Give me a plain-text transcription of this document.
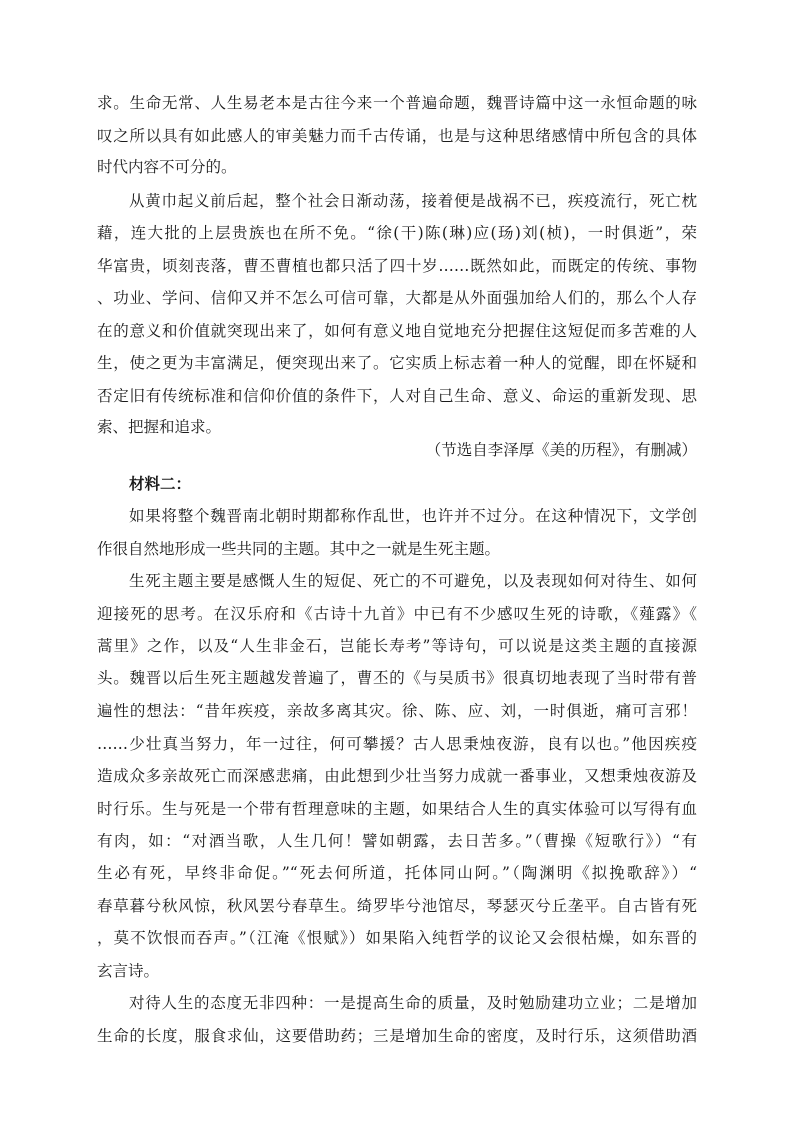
求。生命无常、人生易老本是古往今来一个普遍命题，魏晋诗篇中这一永恒命题的咏
叹之所以具有如此感人的审美魅力而千古传诵，也是与这种思绪感情中所包含的具体
时代内容不可分的。
从黄巾起义前后起，整个社会日渐动荡，接着便是战祸不已，疾疫流行，死亡枕
藉，连大批的上层贵族也在所不免。“徐(干)陈(琳)应(玚)刘(桢)，一时俱逝”，荣
华富贵，顷刻丧落，曹丕曹植也都只活了四十岁……既然如此，而既定的传统、事物
、功业、学问、信仰又并不怎么可信可靠，大都是从外面强加给人们的，那么个人存
在的意义和价值就突现出来了，如何有意义地自觉地充分把握住这短促而多苦难的人
生，使之更为丰富满足，便突现出来了。它实质上标志着一种人的觉醒，即在怀疑和
否定旧有传统标准和信仰价值的条件下，人对自己生命、意义、命运的重新发现、思
索、把握和追求。
（节选自李泽厚《美的历程》，有删减）
材料二：
如果将整个魏晋南北朝时期都称作乱世，也许并不过分。在这种情况下，文学创
作很自然地形成一些共同的主题。其中之一就是生死主题。
生死主题主要是感慨人生的短促、死亡的不可避免，以及表现如何对待生、如何
迎接死的思考。在汉乐府和《古诗十九首》中已有不少感叹生死的诗歌，《薤露》《
蒿里》之作，以及“人生非金石，岂能长寿考”等诗句，可以说是这类主题的直接源
头。魏晋以后生死主题越发普遍了，曹丕的《与吴质书》很真切地表现了当时带有普
遍性的想法：“昔年疾疫，亲故多离其灾。徐、陈、应、刘，一时俱逝，痛可言邪！
……少壮真当努力，年一过往，何可攀援？古人思秉烛夜游，良有以也。”他因疾疫
造成众多亲故死亡而深感悲痛，由此想到少壮当努力成就一番事业，又想秉烛夜游及
时行乐。生与死是一个带有哲理意味的主题，如果结合人生的真实体验可以写得有血
有肉，如：“对酒当歌，人生几何！譬如朝露，去日苦多。”（曹操《短歌行》）“有
生必有死，早终非命促。”“死去何所道，托体同山阿。”（陶渊明《拟挽歌辞》）“
春草暮兮秋风惊，秋风罢兮春草生。绮罗毕兮池馆尽，琴瑟灭兮丘垄平。自古皆有死
，莫不饮恨而吞声。”（江淹《恨赋》）如果陷入纯哲学的议论又会很枯燥，如东晋的
玄言诗。
对待人生的态度无非四种：一是提高生命的质量，及时勉励建功立业；二是增加
生命的长度，服食求仙，这要借助药；三是增加生命的密度，及时行乐，这须借助酒
